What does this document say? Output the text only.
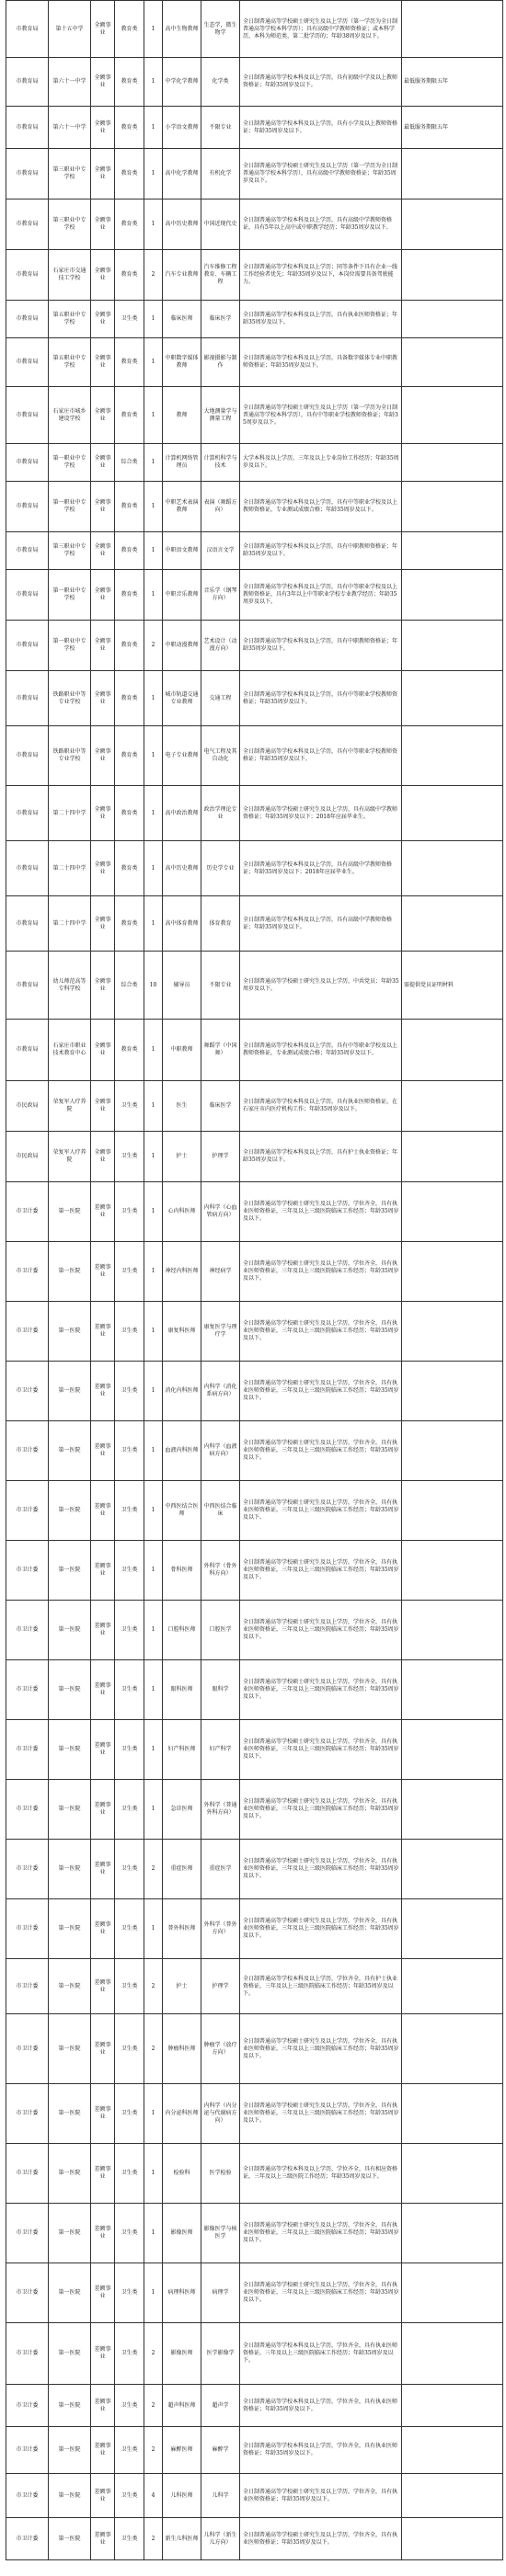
市教育局	第十五中学	全额事业	教育类	1	高中生物教师	生态学，微生物学	全日制普通高等学校硕士研究生及以上学历（第一学历为全日制普通高等学校本科学历）；具有高级中学教师资格证；或本科学历，本科为师范类、第二批学历的；年龄38周岁及以下。	
市教育局	第六十一中学	全额事业	教育类	1	中学化学教师	化学类	全日制普通高等学校本科及以上学历，具有初级中学及以上教师资格证；年龄35周岁及以下。	最低服务期限五年
市教育局	第六十一中学	全额事业	教育类	1	小学语文教师	不限专业	全日制普通高等学校本科及以上学历，具有小学及以上教师资格证；年龄35周岁及以下。	最低服务期限五年
市教育局	第三职业中专学校	全额事业	教育类	1	高中化学教师	有机化学	全日制普通高等学校硕士研究生及以上学历（第一学历为全日制普通高等学校本科学历），具有高级中学教师资格证；年龄35周岁及以下。	
市教育局	第三职业中专学校	全额事业	教育类	1	高中历史教师	中国近现代史	全日制普通高等学校本科及以上学历，具有高级中学教师资格证，具有5年以上高中或中职教学经历；年龄35周岁及以下。	
市教育局	石家庄市交通技工学校	全额事业	教育类	2	汽车专业教师	汽车维修工程教育、车辆工程	全日制普通高等学校本科及以上学历；同等条件下具有企业一线工作经验者优先；年龄35周岁及以下，本岗位需要具备驾驶能力。	
市教育局	第五职业中专学校	全额事业	卫生类	1	临床医师	临床医学	全日制普通高等学校本科及以上学历，具有执业医师资格证；年龄35周岁及以下。	
市教育局	第五职业中专学校	全额事业	教育类	1	中职数字媒体教师	影视摄影与制作	全日制普通高等学校本科及以上学历，具备数字媒体专业中职教师资格证；年龄35周岁及以下。	
市教育局	石家庄市城乡建设学校	全额事业	教育类	1	教师	大地测量学与测量工程	全日制普通高等学校硕士研究生及以上学历（第一学历为全日制普通高等学校本科学历），具有中等职业学校教师资格证；年龄35周岁及以下。	
市教育局	第一职业中专学校	全额事业	综合类	1	计算机网络管理员	计算机科学与技术	大学本科及以上学历，三年及以上专业岗位工作经历；年龄35周岁及以下。	
市教育局	第一职业中专学校	全额事业	教育类	1	中职艺术表演教师	表演（舞蹈方向）	全日制普通高等学校本科及以上学历，具有中等职业学校及以上教师资格证，专业测试成绩合格；年龄35周岁及以下。	
市教育局	第三职业中专学校	全额事业	教育类	1	中职语文教师	汉语言文学	全日制普通高等学校本科及以上学历，具有中职教师资格证；年龄35周岁及以下。	
市教育局	第一职业中专学校	全额事业	教育类	1	中职音乐教师	音乐学（钢琴方向）	全日制普通高等学校本科及以上学历，具有中等职业学校及以上教师资格证，具有3年以上中等职业学校专业教学经历；年龄35周岁及以下。	
市教育局	第一职业中专学校	全额事业	教育类	2	中职动漫教师	艺术设计（动漫方向）	全日制普通高等学校本科及以上学历，具有中职教师资格证；年龄35周岁及以下。	
市教育局	铁路职业中等专业学校	全额事业	教育类	1	城市轨道交通专业教师	交通工程	全日制普通高等学校本科及以上学历，具有中等职业学校教师资格证；年龄35周岁及以下。	
市教育局	铁路职业中等专业学校	全额事业	教育类	1	电子专业教师	电气工程及其自动化	全日制普通高等学校本科及以上学历，具有中等职业学校教师资格证；年龄35周岁及以下。	
市教育局	第二十四中学	全额事业	教育类	1	高中政治教师	政治学理论专业	全日制普通高等学校硕士研究生及以上学历，具有高级中学教师资格证；年龄35周岁及以下；2018年应届毕业生。	
市教育局	第二十四中学	全额事业	教育类	1	高中历史教师	历史学专业	全日制普通高等学校本科及以上学历，具有高级中学教师资格证；年龄35周岁及以下；2018年应届毕业生。	
市教育局	第二十四中学	全额事业	教育类	1	高中体育教师	体育教育	全日制普通高等学校本科及以上学历，具有高级中学教师资格证；年龄35周岁及以下。	
市教育局	幼儿师范高等专科学校	全额事业	综合类	10	辅导员	不限专业	全日制普通高等学校硕士研究生及以上学历，中共党员；年龄35周岁及以下。	需提供党员证明材料
市教育局	石家庄市职业技术教育中心	全额事业	教育类	1	中职教师	舞蹈学（中国舞）	全日制普通高等学校本科及以上学历，具有中等职业学校及以上教师资格证，专业测试成绩合格；年龄35周岁及以下。	
市民政局	荣复军人疗养院	全额事业	卫生类	1	医生	临床医学	全日制普通高等学校本科及以上学历，具有执业医师资格证，在石家庄市内医疗机构工作；年龄35周岁及以下。	
市民政局	荣复军人疗养院	全额事业	卫生类	1	护士	护理学	全日制普通高等学校本科及以上学历，具有护士执业资格证；年龄35周岁及以下。	
市卫计委	第一医院	差额事业	卫生类	1	心内科医师	内科学（心血管病方向）	全日制普通高等学校硕士研究生及以上学历，学位齐全，具有执业医师资格证，三年及以上三级医院临床工作经历；年龄35周岁及以下。	
市卫计委	第一医院	差额事业	卫生类	1	神经内科医师	神经病学	全日制普通高等学校硕士研究生及以上学历，学位齐全，具有执业医师资格证，三年及以上三级医院临床工作经历；年龄35周岁及以下。	
市卫计委	第一医院	差额事业	卫生类	1	康复科医师	康复医学与理疗学	全日制普通高等学校硕士研究生及以上学历，学位齐全，具有执业医师资格证，三年及以上三级医院临床工作经历；年龄35周岁及以下。	
市卫计委	第一医院	差额事业	卫生类	1	消化内科医师	内科学（消化系病方向）	全日制普通高等学校硕士研究生及以上学历，学位齐全，具有执业医师资格证，三年及以上三级医院临床工作经历；年龄35周岁及以下。	
市卫计委	第一医院	差额事业	卫生类	1	血液内科医师	内科学（血液病方向）	全日制普通高等学校硕士研究生及以上学历，学位齐全，具有执业医师资格证，三年及以上三级医院临床工作经历；年龄35周岁及以下。	
市卫计委	第一医院	差额事业	卫生类	1	中西医结合医师	中西医结合临床	全日制普通高等学校硕士研究生及以上学历，学位齐全，具有执业医师资格证，三年及以上三级医院临床工作经历；年龄35周岁及以下。	
市卫计委	第一医院	差额事业	卫生类	1	骨科医师	外科学（骨外科方向）	全日制普通高等学校硕士研究生及以上学历，学位齐全，具有执业医师资格证，三年及以上三级医院临床工作经历；年龄35周岁及以下。	
市卫计委	第一医院	差额事业	卫生类	1	口腔科医师	口腔医学	全日制普通高等学校硕士研究生及以上学历，学位齐全，具有执业医师资格证，三年及以上三级医院临床工作经历；年龄35周岁及以下。	
市卫计委	第一医院	差额事业	卫生类	1	眼科医师	眼科学	全日制普通高等学校硕士研究生及以上学历，学位齐全，具有执业医师资格证，三年及以上三级医院临床工作经历；年龄35周岁及以下。	
市卫计委	第一医院	差额事业	卫生类	1	妇产科医师	妇产科学	全日制普通高等学校硕士研究生及以上学历，学位齐全，具有执业医师资格证，三年及以上三级医院临床工作经历；年龄35周岁及以下。	
市卫计委	第一医院	差额事业	卫生类	1	急诊医师	外科学（普通外科方向）	全日制普通高等学校硕士研究生及以上学历，学位齐全，具有执业医师资格证，三年及以上三级医院临床工作经历；年龄35周岁及以下。	
市卫计委	第一医院	差额事业	卫生类	2	重症医师	重症医学	全日制普通高等学校硕士研究生及以上学历，学位齐全，具有执业医师资格证，三年及以上三级医院临床工作经历；年龄35周岁及以下。	
市卫计委	第一医院	差额事业	卫生类	1	普外科医师	外科学（普外方向）	全日制普通高等学校硕士研究生及以上学历，学位齐全，具有执业医师资格证，三年及以上三级医院临床工作经历；年龄35周岁及以下。	
市卫计委	第一医院	差额事业	卫生类	2	护士	护理学	全日制普通高等学校本科及以上学历，学位齐全，具有护士执业资格证，三年及以上三级医院临床工作经历；年龄35周岁及以下。	
市卫计委	第一医院	差额事业	卫生类	2	肿瘤科医师	肿瘤学（放疗方向）	全日制普通高等学校硕士研究生及以上学历，学位齐全，具有执业医师资格证，三年及以上三级医院临床工作经历；年龄35周岁及以下。	
市卫计委	第一医院	差额事业	卫生类	1	内分泌科医师	内科学（内分泌与代谢病方向）	全日制普通高等学校硕士研究生及以上学历，学位齐全，具有执业医师资格证，三年及以上三级医院临床工作经历；年龄35周岁及以下。	
市卫计委	第一医院	差额事业	卫生类	1	检验科	医学检验	全日制普通高等学校本科及以上学历，学位齐全，具有相应资格证，三年及以上三级医院工作经历；年龄35周岁及以下。	
市卫计委	第一医院	差额事业	卫生类	1	影像医师	影像医学与核医学	全日制普通高等学校硕士研究生及以上学历，学位齐全，具有执业医师资格证，三年及以上三级医院临床工作经历；年龄35周岁及以下。	
市卫计委	第一医院	差额事业	卫生类	1	病理科医师	病理学	全日制普通高等学校硕士研究生及以上学历，学位齐全，具有执业医师资格证，三年及以上三级医院临床工作经历；年龄35周岁及以下。	
市卫计委	第一医院	差额事业	卫生类	2	影像医师	医学影像学	全日制普通高等学校本科及以上学历，学位齐全，具有执业医师资格证，三年及以上三级医院临床工作经历；年龄35周岁及以下。	
市卫计委	第一医院	差额事业	卫生类	2	超声科医师	超声学	全日制普通高等学校本科及以上学历，学位齐全，具有执业医师资格证；年龄35周岁及以下。	
市卫计委	第一医院	差额事业	卫生类	2	麻醉医师	麻醉学	全日制普通高等学校本科及以上学历，学位齐全，具有执业医师资格证；年龄35周岁及以下。	
市卫计委	第一医院	差额事业	卫生类	4	儿科医师	儿科学	全日制普通高等学校硕士研究生及以上学历，学位齐全，具有执业医师资格证；年龄35周岁及以下。	
市卫计委	第一医院	差额事业	卫生类	2	新生儿科医师	儿科学（新生儿方向）	全日制普通高等学校硕士研究生及以上学历，学位齐全，具有执业医师资格证；年龄35周岁及以下。	
